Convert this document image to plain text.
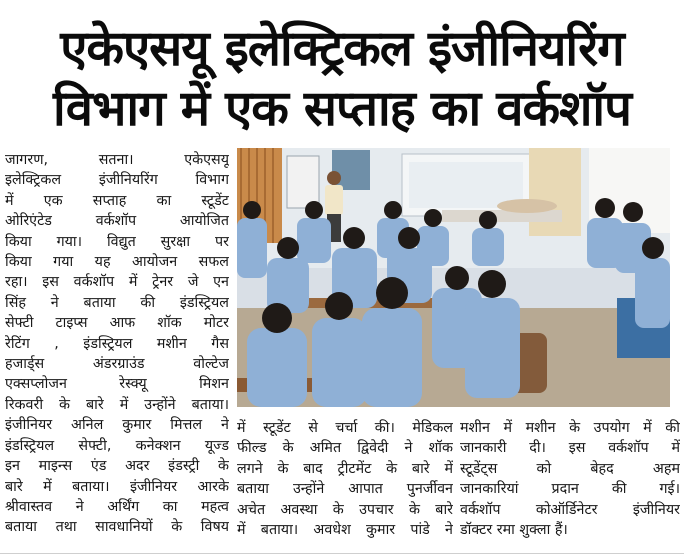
एकेएसयू इलेक्ट्रिकल इंजीनियरिंग
विभाग में एक सप्ताह का वर्कशॉप
जागरण, सतना। एकेएसयू
इलेक्ट्रिकल इंजीनियरिंग विभाग
में एक सप्ताह का स्टूडेंट
ओरिएंटेड वर्कशॉप आयोजित
किया गया। विद्युत सुरक्षा पर
किया गया यह आयोजन सफल
रहा। इस वर्कशॉप में ट्रेनर जे एन
सिंह ने बताया की इंडस्ट्रियल
सेफ्टी टाइप्स आफ शॉक मोटर
रेटिंग , इंडस्ट्रियल मशीन गैस
हजार्ड्स अंडरग्राउंड वोल्टेज
एक्सप्लोजन रेस्क्यू मिशन
रिकवरी के बारे में उन्होंने बताया।
इंजीनियर अनिल कुमार मित्तल ने
इंडस्ट्रियल सेफ्टी, कनेक्शन यूज्ड
इन माइन्स एंड अदर इंडस्ट्री के
बारे में बताया। इंजीनियर आरके
श्रीवास्तव ने अर्थिंग का महत्व
बताया तथा सावधानियों के विषय
में स्टूडेंट से चर्चा की। मेडिकल
फील्ड के अमित द्विवेदी ने शॉक
लगने के बाद ट्रीटमेंट के बारे में
बताया उन्होंने आपात पुनर्जीवन
अचेत अवस्था के उपचार के बारे
में बताया। अवधेश कुमार पांडे ने
मशीन में मशीन के उपयोग में की
जानकारी दी। इस वर्कशॉप में
स्टूडेंट्स को बेहद अहम
जानकारियां प्रदान की गई।
वर्कशॉप कोऑर्डिनेटर इंजीनियर
डॉक्टर रमा शुक्ला हैं।
